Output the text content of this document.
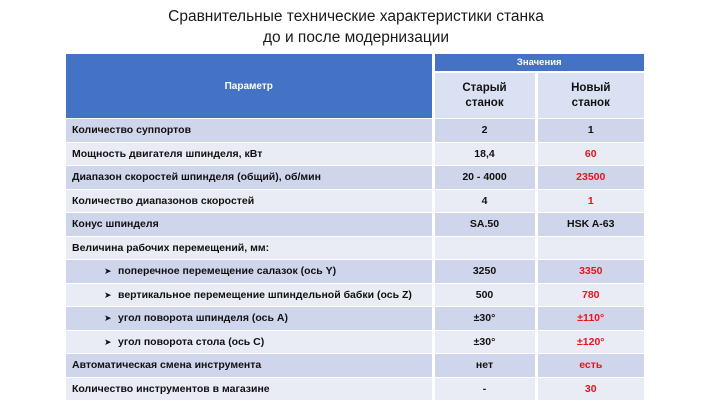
Сравнительные технические характеристики станка
до и после модернизации
Параметр	Значения	
	Старый станок	Новый станок
Количество суппортов	2	1
Мощность двигателя шпинделя, кВт	18,4	60
Диапазон скоростей шпинделя (общий), об/мин	20 - 4000	23500
Количество диапазонов скоростей	4	1
Конус шпинделя	SA.50	HSK A-63
Величина рабочих перемещений, мм:		
➤ поперечное перемещение салазок (ось Y)	3250	3350
➤ вертикальное перемещение шпиндельной бабки (ось Z)	500	780
➤ угол поворота шпинделя (ось A)	±30°	±110°
➤ угол поворота стола (ось C)	±30°	±120°
Автоматическая смена инструмента	нет	есть
Количество инструментов в магазине	-	30
